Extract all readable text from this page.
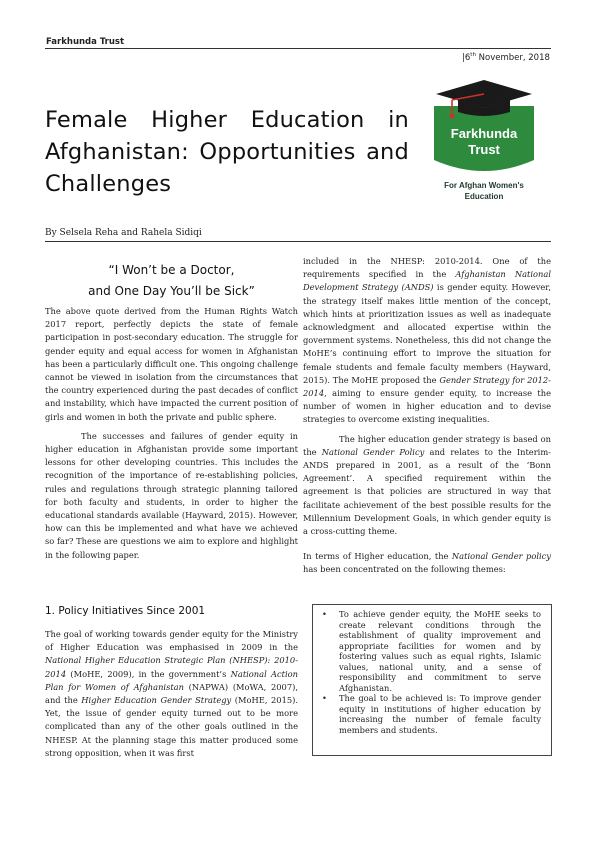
Farkhunda Trust
|6th November, 2018
Female Higher Education in Afghanistan: Opportunities and Challenges
Farkhunda
Trust
For Afghan Women's
Education
By Selsela Reha and Rahela Sidiqi
“I Won’t be a Doctor,
and One Day You’ll be Sick”

The above quote derived from the Human Rights Watch 2017 report, perfectly depicts the state of female participation in post-secondary education. The struggle for gender equity and equal access for women in Afghanistan has been a particularly difficult one. This ongoing challenge cannot be viewed in isolation from the circumstances that the country experienced during the past decades of conflict and instability, which have impacted the current position of girls and women in both the private and public sphere.

The successes and failures of gender equity in higher education in Afghanistan provide some important lessons for other developing countries. This includes the recognition of the importance of re-establishing policies, rules and regulations through strategic planning tailored for both faculty and students, in order to higher the educational standards available (Hayward, 2015). However, how can this be implemented and what have we achieved so far? These are questions we aim to explore and highlight in the following paper.

1. Policy Initiatives Since 2001

The goal of working towards gender equity for the Ministry of Higher Education was emphasised in 2009 in the National Higher Education Strategic Plan (NHESP): 2010-2014 (MoHE, 2009), in the government’s National Action Plan for Women of Afghanistan (NAPWA) (MoWA, 2007), and the Higher Education Gender Strategy (MoHE, 2015). Yet, the issue of gender equity turned out to be more complicated than any of the other goals outlined in the NHESP. At the planning stage this matter produced some strong opposition, when it was first

included in the NHESP: 2010-2014. One of the requirements specified in the Afghanistan National Development Strategy (ANDS) is gender equity. However, the strategy itself makes little mention of the concept, which hints at prioritization issues as well as inadequate acknowledgment and allocated expertise within the government systems. Nonetheless, this did not change the MoHE’s continuing effort to improve the situation for female students and female faculty members (Hayward, 2015). The MoHE proposed the Gender Strategy for 2012-2014, aiming to ensure gender equity, to increase the number of women in higher education and to devise strategies to overcome existing inequalities.

The higher education gender strategy is based on the National Gender Policy and relates to the Interim-ANDS prepared in 2001, as a result of the ‘Bonn Agreement’. A specified requirement within the agreement is that policies are structured in way that facilitate achievement of the best possible results for the Millennium Development Goals, in which gender equity is a cross-cutting theme.

In terms of Higher education, the National Gender policy has been concentrated on the following themes:

• To achieve gender equity, the MoHE seeks to create relevant conditions through the establishment of quality improvement and appropriate facilities for women and by fostering values such as equal rights, Islamic values, national unity, and a sense of responsibility and commitment to serve Afghanistan.
• The goal to be achieved is: To improve gender equity in institutions of higher education by increasing the number of female faculty members and students.
